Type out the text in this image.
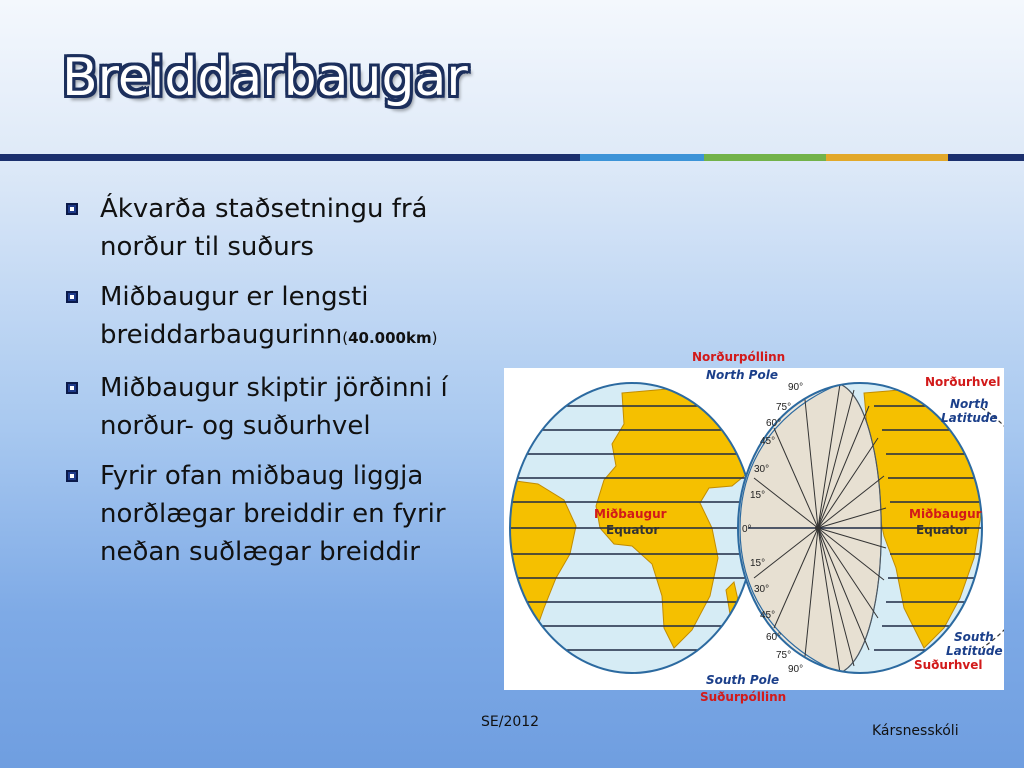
Breiddarbaugar
Ákvarða staðsetningu frá norður til suðurs
Miðbaugur er lengsti breiddarbaugurinn(40.000km)
Miðbaugur skiptir jörðinni í norður- og suðurhvel
Fyrir ofan miðbaug liggja norðlægar breiddir en fyrir neðan suðlægar breiddir
Norðurpóllinn
90°
75°
60°
45°
30°
15°
0°
15°
30°
45°
60°
75°
90°
North Pole	Norðurhvel
North
Latitude
Miðbaugur
Equator
Miðbaugur
Equator
South
Latitude
Suðurhvel
South Pole
Suðurpóllinn
SE/2012
Kársnesskóli
